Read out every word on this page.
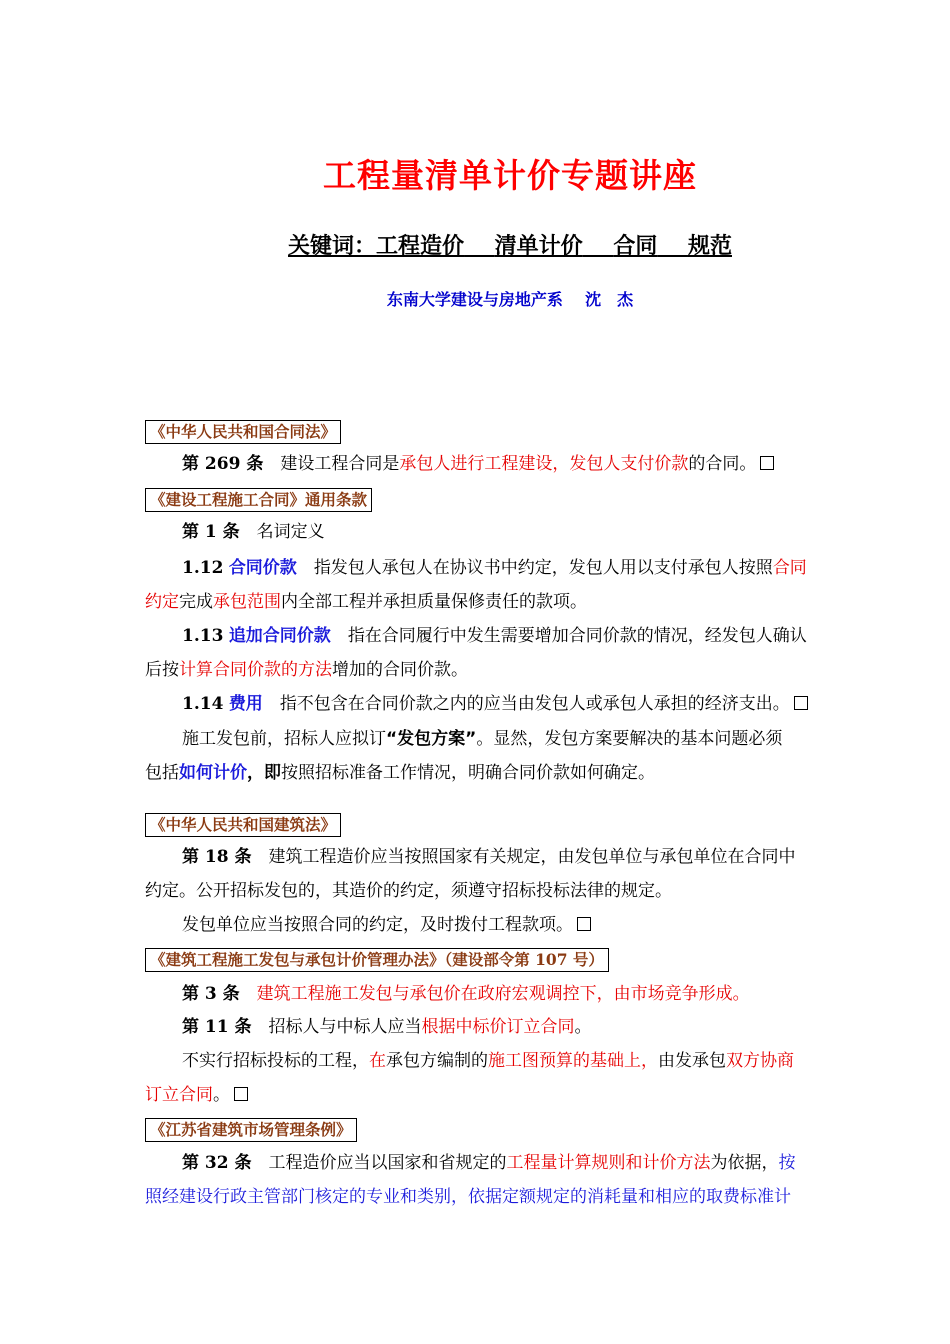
工程量清单计价专题讲座
关键词：工程造价 清单计价 合同 规范
东南大学建设与房地产系 沈　杰
《中华人民共和国合同法》
第 269 条　 建设工程合同是承包人进行工程建设，发包人支付价款的合同。
《建设工程施工合同》通用条款
第 1 条　 名词定义
1.12 合同价款　 指发包人承包人在协议书中约定，发包人用以支付承包人按照合同
约定完成承包范围内全部工程并承担质量保修责任的款项。
1.13 追加合同价款　 指在合同履行中发生需要增加合同价款的情况，经发包人确认
后按计算合同价款的方法增加的合同价款。
1.14 费用　 指不包含在合同价款之内的应当由发包人或承包人承担的经济支出。
施工发包前，招标人应拟订“发包方案”。显然，发包方案要解决的基本问题必须
包括如何计价，即按照招标准备工作情况，明确合同价款如何确定。
《中华人民共和国建筑法》
第 18 条　 建筑工程造价应当按照国家有关规定，由发包单位与承包单位在合同中
约定。公开招标发包的，其造价的约定，须遵守招标投标法律的规定。
发包单位应当按照合同的约定，及时拨付工程款项。
《建筑工程施工发包与承包计价管理办法》（建设部令第 107 号）
第 3 条　 建筑工程施工发包与承包价在政府宏观调控下，由市场竞争形成。
第 11 条　 招标人与中标人应当根据中标价订立合同。
不实行招标投标的工程，在承包方编制的施工图预算的基础上，由发承包双方协商
订立合同。
《江苏省建筑市场管理条例》
第 32 条　 工程造价应当以国家和省规定的工程量计算规则和计价方法为依据，按
照经建设行政主管部门核定的专业和类别，依据定额规定的消耗量和相应的取费标准计
